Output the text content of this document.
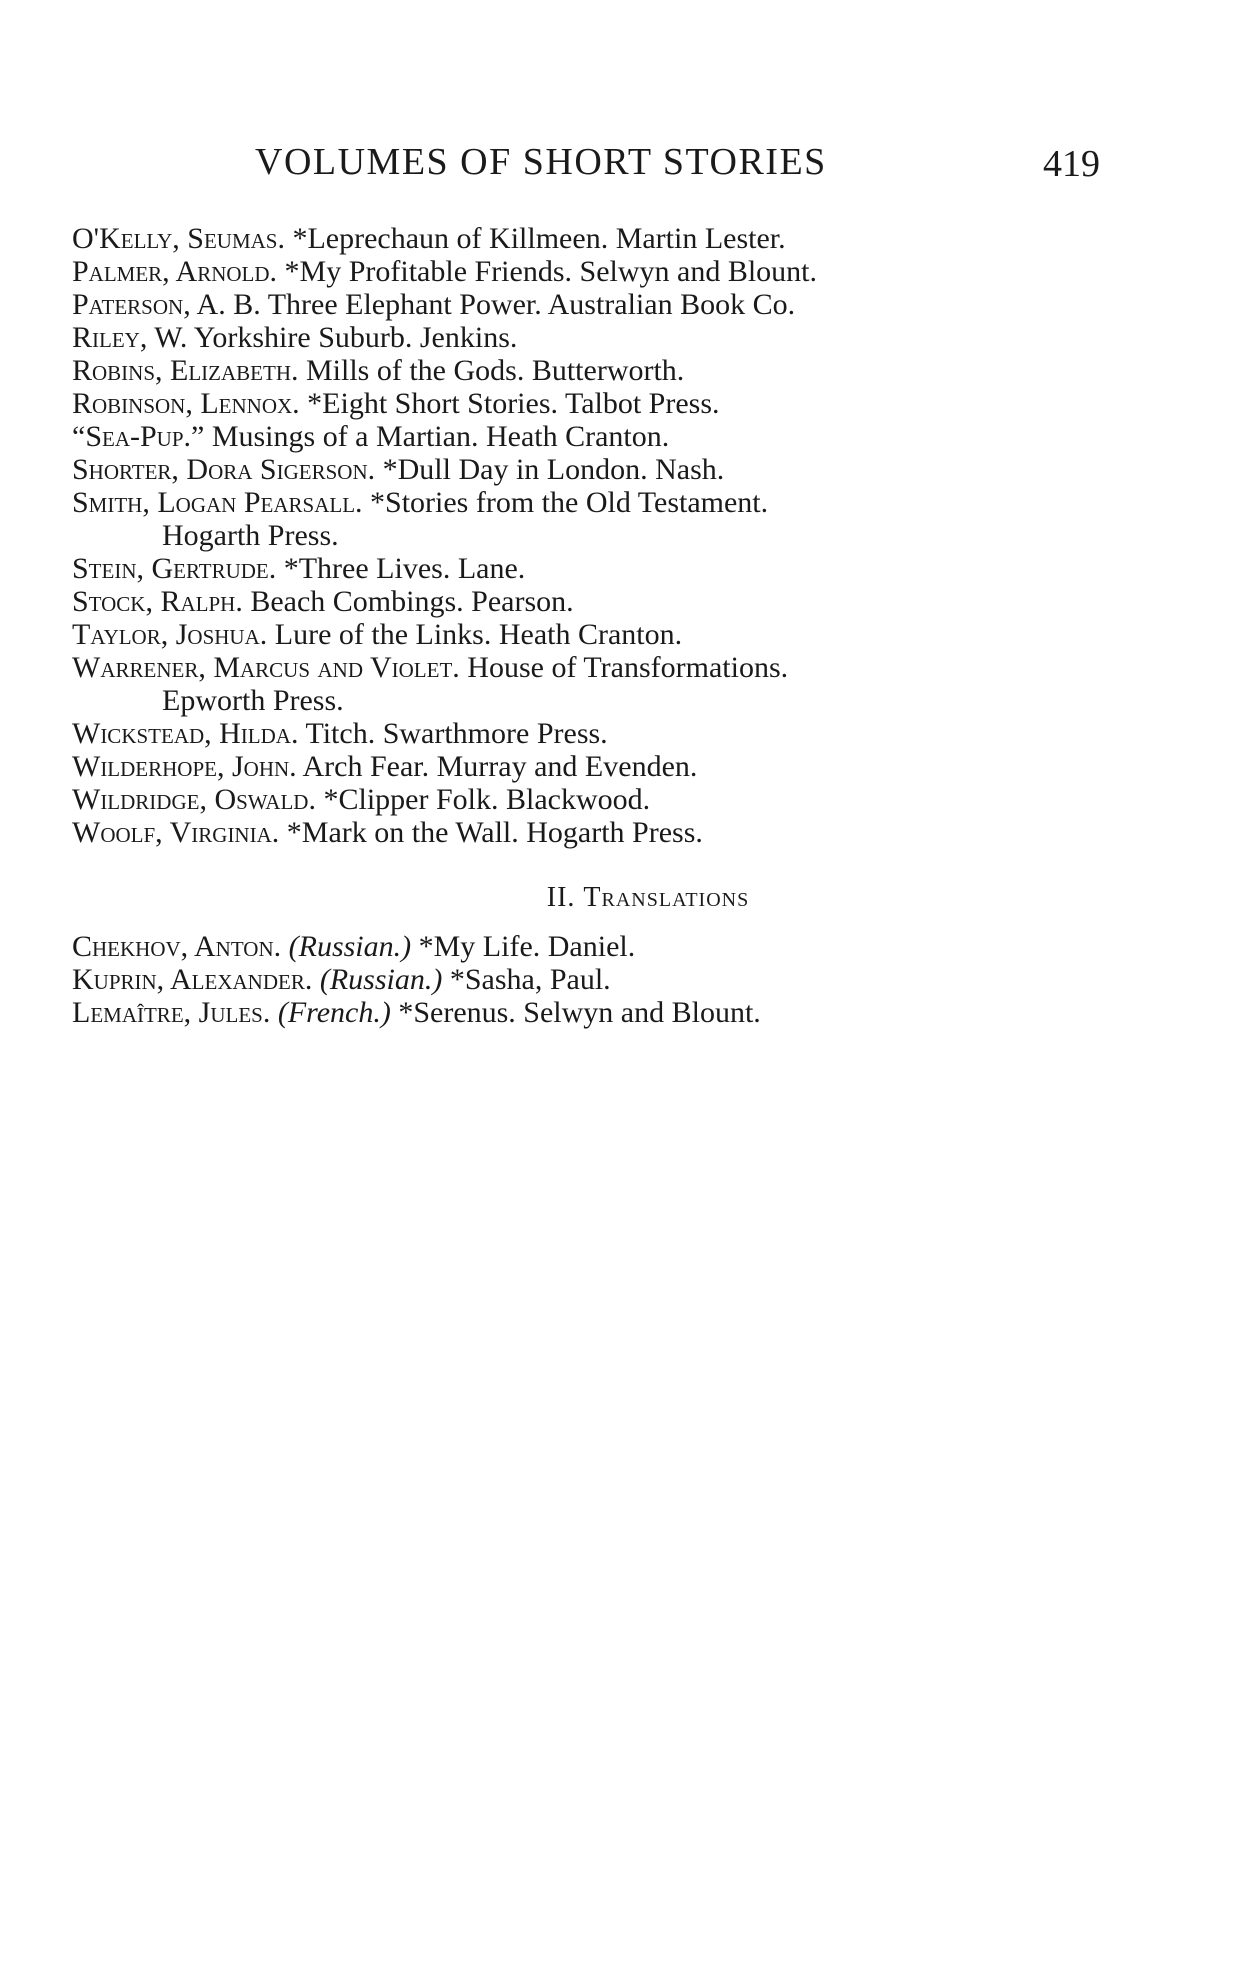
VOLUMES OF SHORT STORIES	419
O'Kelly, Seumas. *Leprechaun of Killmeen. Martin Lester.
Palmer, Arnold. *My Profitable Friends. Selwyn and Blount.
Paterson, A. B. Three Elephant Power. Australian Book Co.
Riley, W. Yorkshire Suburb. Jenkins.
Robins, Elizabeth. Mills of the Gods. Butterworth.
Robinson, Lennox. *Eight Short Stories. Talbot Press.
“Sea-Pup.” Musings of a Martian. Heath Cranton.
Shorter, Dora Sigerson. *Dull Day in London. Nash.
Smith, Logan Pearsall. *Stories from the Old Testament.
Hogarth Press.
Stein, Gertrude. *Three Lives. Lane.
Stock, Ralph. Beach Combings. Pearson.
Taylor, Joshua. Lure of the Links. Heath Cranton.
Warrener, Marcus and Violet. House of Transformations.
Epworth Press.
Wickstead, Hilda. Titch. Swarthmore Press.
Wilderhope, John. Arch Fear. Murray and Evenden.
Wildridge, Oswald. *Clipper Folk. Blackwood.
Woolf, Virginia. *Mark on the Wall. Hogarth Press.
II. Translations
Chekhov, Anton. (Russian.) *My Life. Daniel.
Kuprin, Alexander. (Russian.) *Sasha, Paul.
Lemaître, Jules. (French.) *Serenus. Selwyn and Blount.
